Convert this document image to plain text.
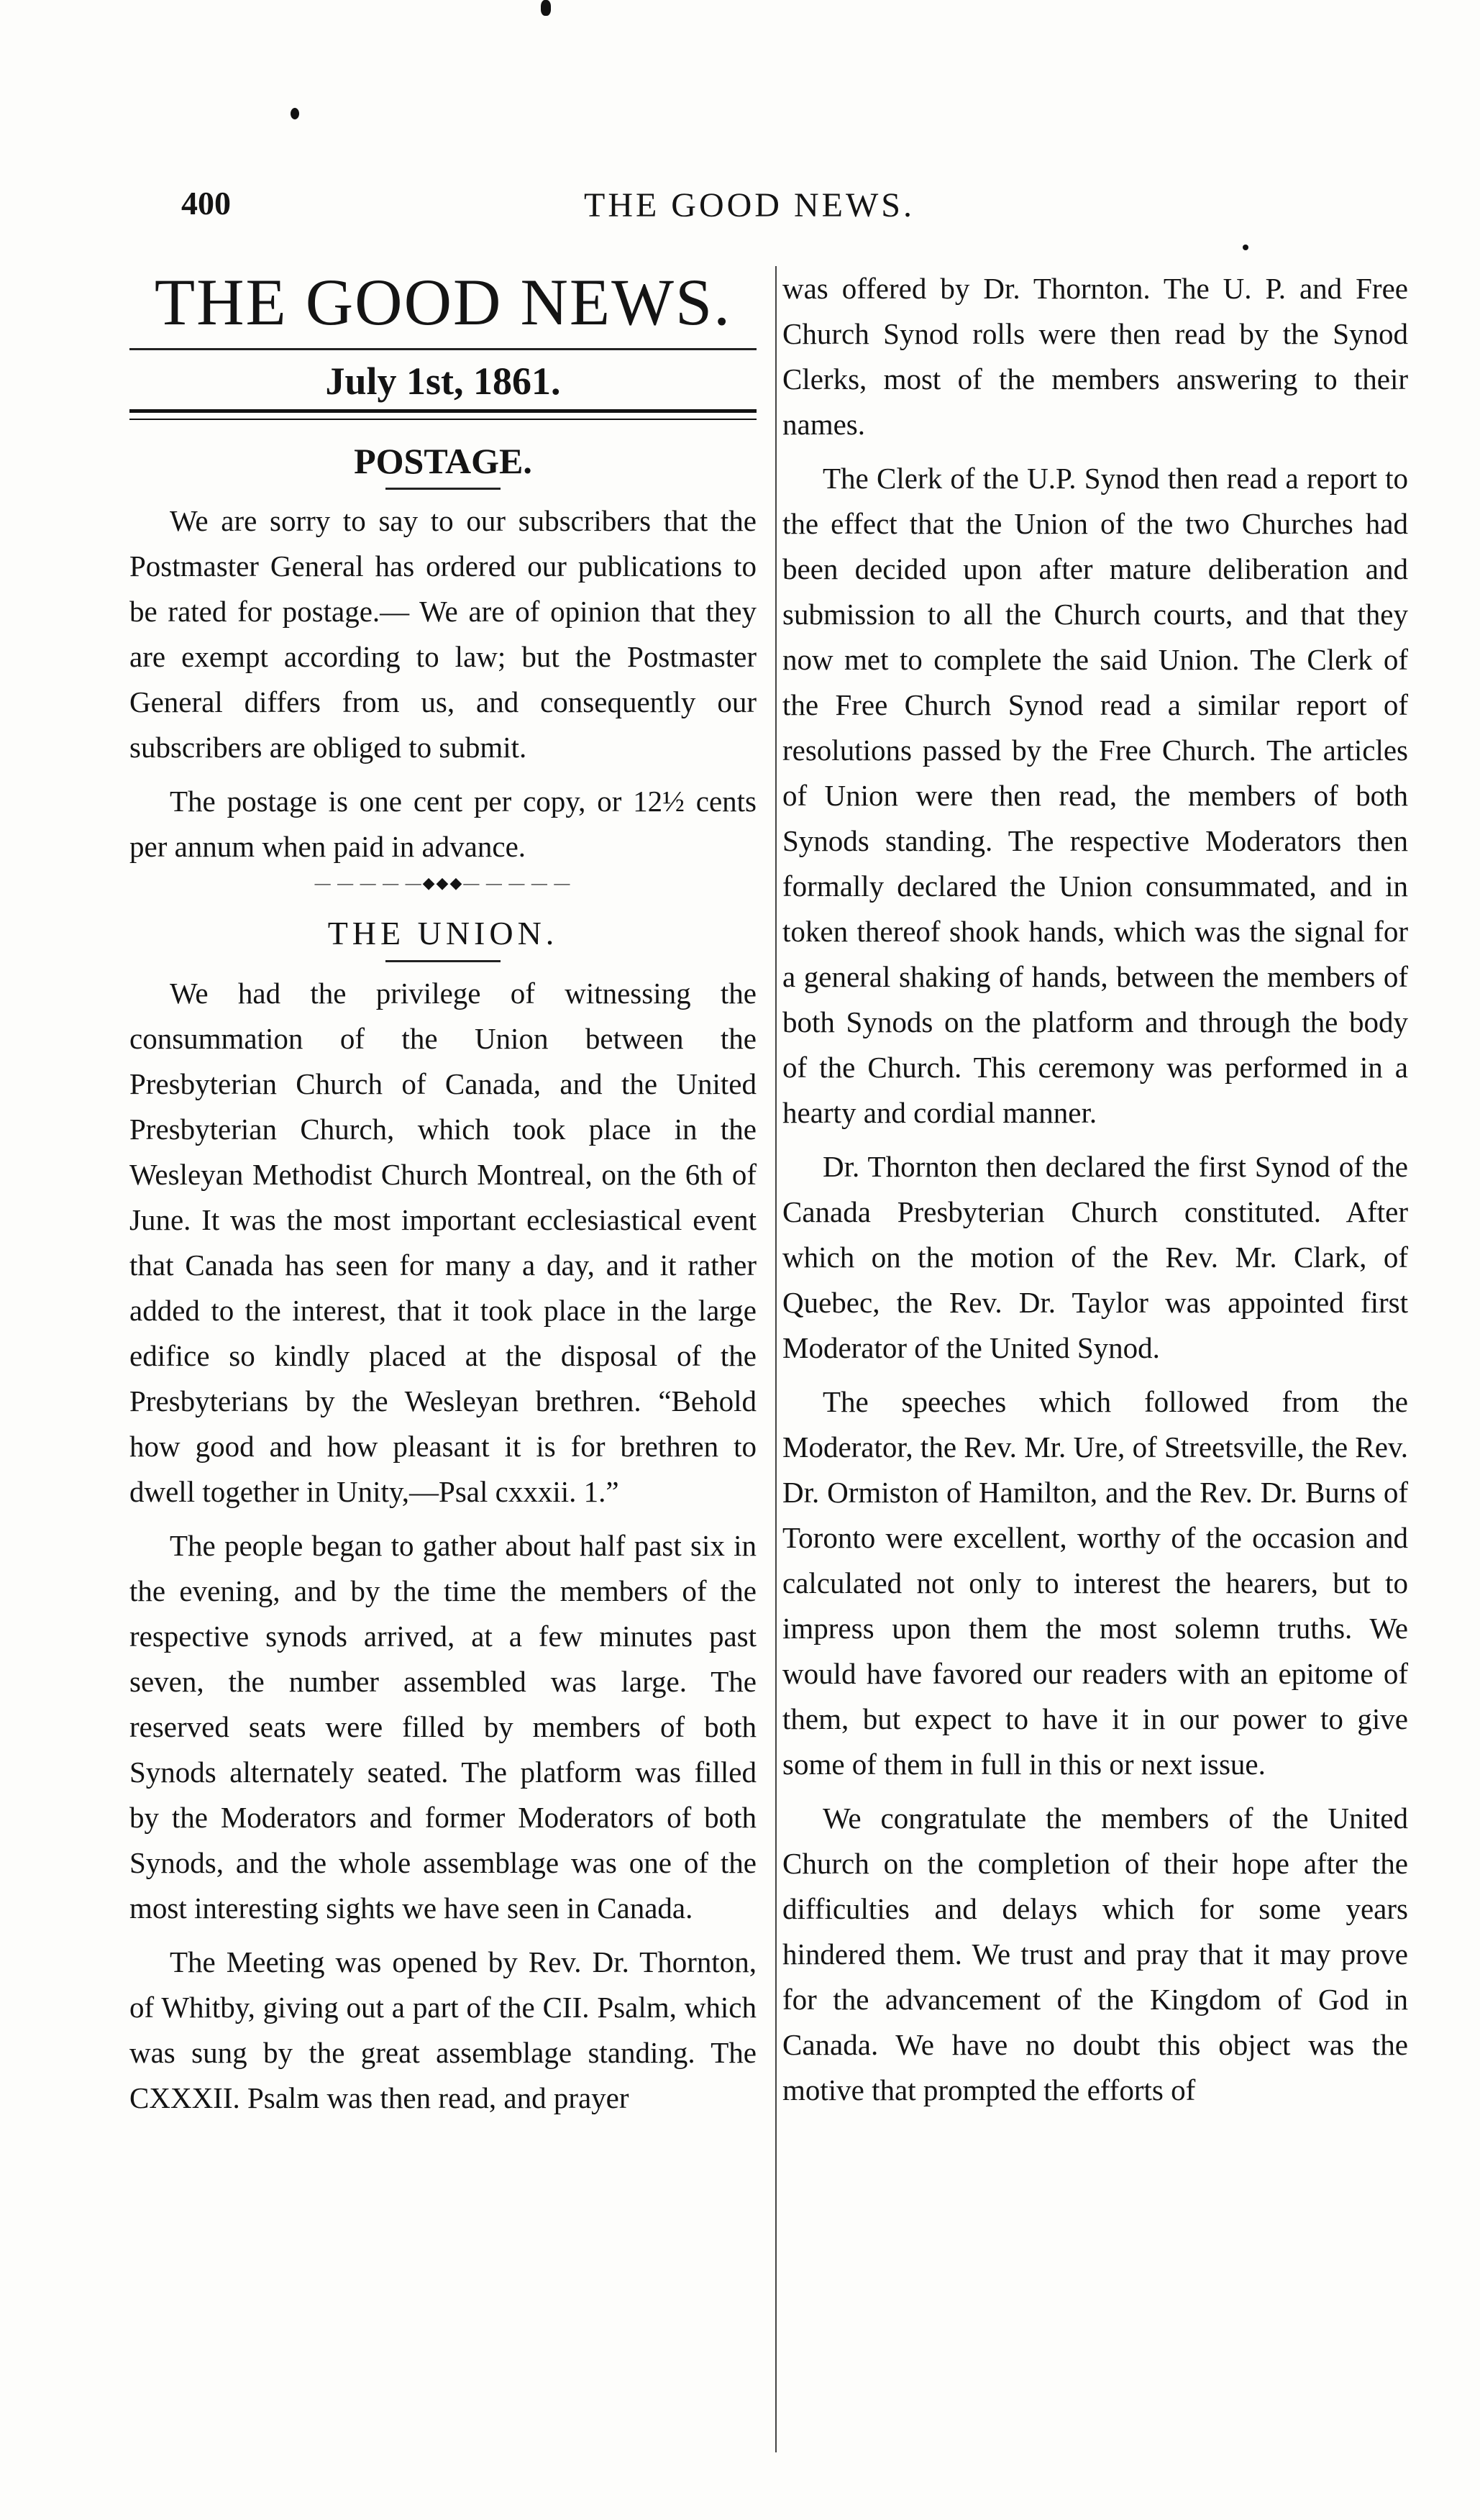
400	THE GOOD NEWS.
THE GOOD NEWS.
July 1st, 1861.
POSTAGE.

We are sorry to say to our subscribers that the Postmaster General has ordered our publications to be rated for postage.— We are of opinion that they are exempt according to law; but the Postmaster General differs from us, and consequently our subscribers are obliged to submit.

The postage is one cent per copy, or 12½ cents per annum when paid in advance.

— — — — —◆◆◆— — — — —
THE UNION.

We had the privilege of witnessing the consummation of the Union between the Presbyterian Church of Canada, and the United Presbyterian Church, which took place in the Wesleyan Methodist Church Montreal, on the 6th of June. It was the most important ecclesiastical event that Canada has seen for many a day, and it rather added to the interest, that it took place in the large edifice so kindly placed at the disposal of the Presbyterians by the Wesleyan brethren. “Behold how good and how pleasant it is for brethren to dwell together in Unity,—Psal cxxxii. 1.”

The people began to gather about half past six in the evening, and by the time the members of the respective synods arrived, at a few minutes past seven, the number assembled was large. The reserved seats were filled by members of both Synods alternately seated. The platform was filled by the Moderators and former Moderators of both Synods, and the whole assemblage was one of the most interesting sights we have seen in Canada.

The Meeting was opened by Rev. Dr. Thornton, of Whitby, giving out a part of the CII. Psalm, which was sung by the great assemblage standing. The CXXXII. Psalm was then read, and prayer

was offered by Dr. Thornton. The U. P. and Free Church Synod rolls were then read by the Synod Clerks, most of the members answering to their names.

The Clerk of the U.P. Synod then read a report to the effect that the Union of the two Churches had been decided upon after mature deliberation and submission to all the Church courts, and that they now met to complete the said Union. The Clerk of the Free Church Synod read a similar report of resolutions passed by the Free Church. The articles of Union were then read, the members of both Synods standing. The respective Moderators then formally declared the Union consummated, and in token thereof shook hands, which was the signal for a general shaking of hands, between the members of both Synods on the platform and through the body of the Church. This ceremony was performed in a hearty and cordial manner.

Dr. Thornton then declared the first Synod of the Canada Presbyterian Church constituted. After which on the motion of the Rev. Mr. Clark, of Quebec, the Rev. Dr. Taylor was appointed first Moderator of the United Synod.

The speeches which followed from the Moderator, the Rev. Mr. Ure, of Streetsville, the Rev. Dr. Ormiston of Hamilton, and the Rev. Dr. Burns of Toronto were excellent, worthy of the occasion and calculated not only to interest the hearers, but to impress upon them the most solemn truths. We would have favored our readers with an epitome of them, but expect to have it in our power to give some of them in full in this or next issue.

We congratulate the members of the United Church on the completion of their hope after the difficulties and delays which for some years hindered them. We trust and pray that it may prove for the advancement of the Kingdom of God in Canada. We have no doubt this object was the motive that prompted the efforts of
